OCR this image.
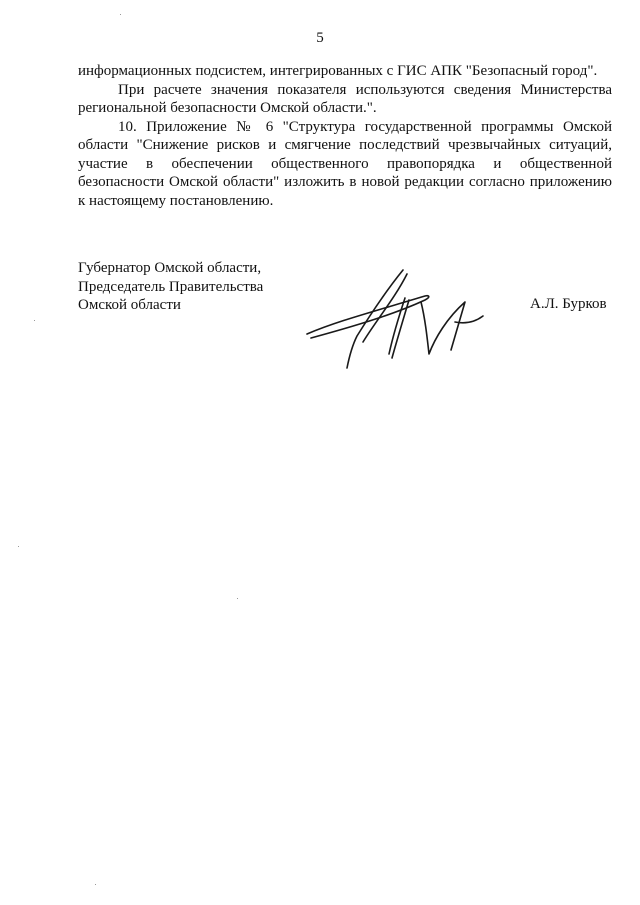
5

информационных подсистем, интегрированных с ГИС АПК "Безопасный город".

При расчете значения показателя используются сведения Министерства региональной безопасности Омской области.".

10. Приложение № 6 "Структура государственной программы Омской области "Снижение рисков и смягчение последствий чрезвычайных ситуаций, участие в обеспечении общественного правопорядка и общественной безопасности Омской области" изложить в новой редакции согласно приложению к настоящему постановлению.

Губернатор Омской области,
Председатель Правительства
Омской области	А.Л. Бурков
